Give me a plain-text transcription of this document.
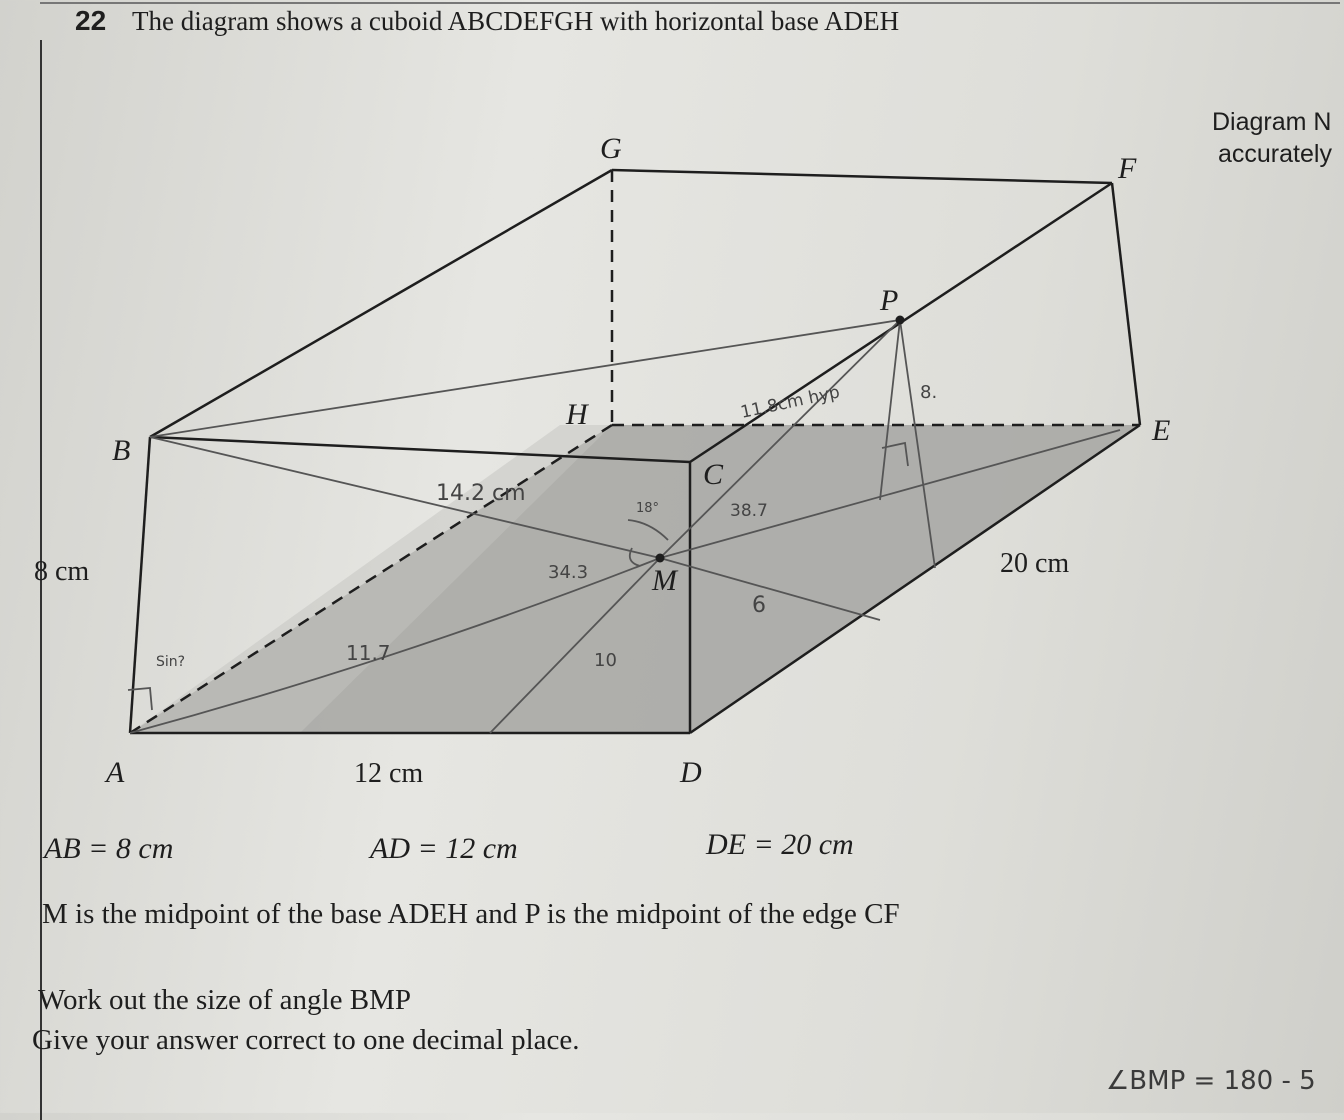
22 The diagram shows a cuboid ABCDEFGH with horizontal base ADEH
Diagram N
accurately
A
B
C
D
E
F
G
H
M
P
8 cm
12 cm
20 cm
14.2 cm
11.8cm hyp	8.
38.7
34.3
11.7	10
6
18°
Sin?
AB = 8 cm	AD = 12 cm	DE = 20 cm
M is the midpoint of the base ADEH and P is the midpoint of the edge CF
Work out the size of angle BMP
Give your answer correct to one decimal place.
∠BMP = 180 - 5
